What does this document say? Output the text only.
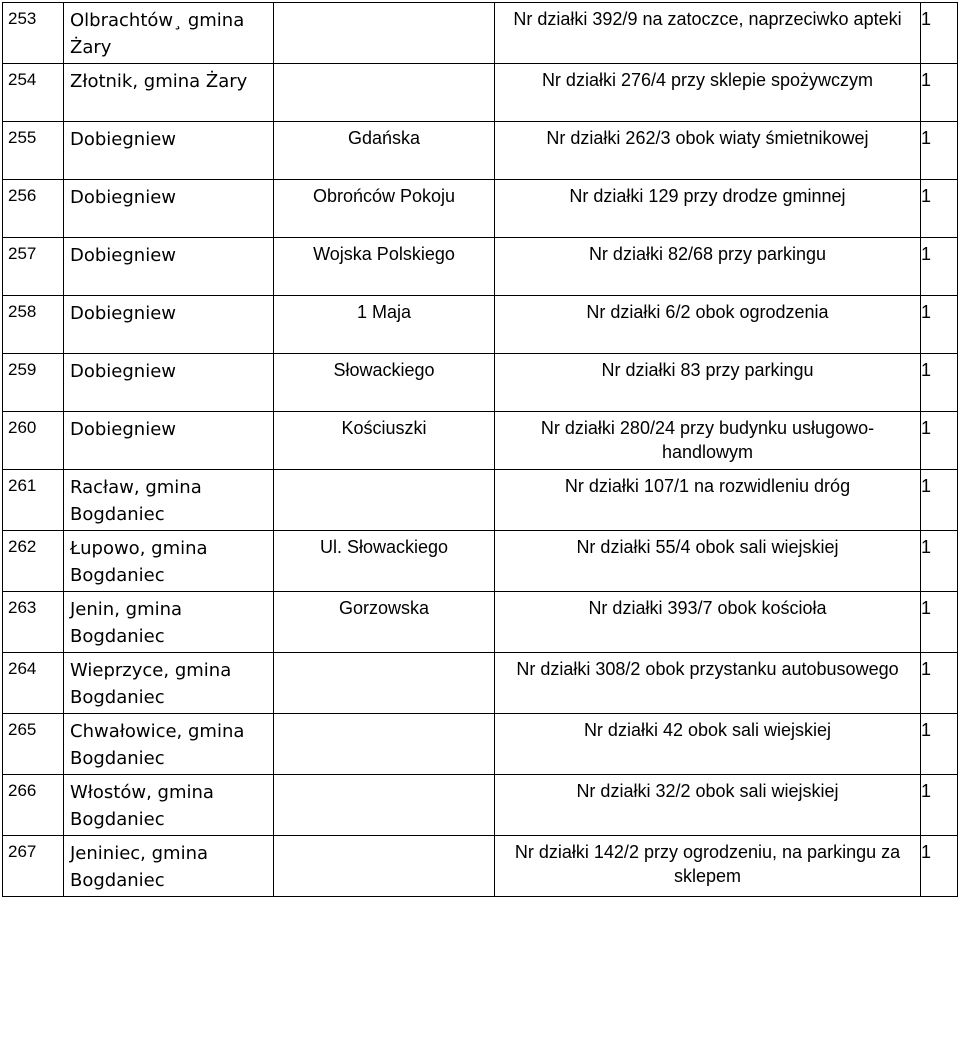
253	Olbrachtów¸ gmina Żary		Nr działki 392/9 na zatoczce, naprzeciwko apteki	1
254	Złotnik, gmina Żary		Nr działki 276/4 przy sklepie spożywczym	1
255	Dobiegniew	Gdańska	Nr działki 262/3 obok wiaty śmietnikowej	1
256	Dobiegniew	Obrońców Pokoju	Nr działki 129 przy drodze gminnej	1
257	Dobiegniew	Wojska Polskiego	Nr działki 82/68 przy parkingu	1
258	Dobiegniew	1 Maja	Nr działki 6/2 obok ogrodzenia	1
259	Dobiegniew	Słowackiego	Nr działki 83 przy parkingu	1
260	Dobiegniew	Kościuszki	Nr działki 280/24 przy budynku usługowo-handlowym	1
261	Racław, gmina Bogdaniec		Nr działki 107/1 na rozwidleniu dróg	1
262	Łupowo, gmina Bogdaniec	Ul. Słowackiego	Nr działki 55/4 obok sali wiejskiej	1
263	Jenin, gmina Bogdaniec	Gorzowska	Nr działki 393/7 obok kościoła	1
264	Wieprzyce, gmina Bogdaniec		Nr działki 308/2 obok przystanku autobusowego	1
265	Chwałowice, gmina Bogdaniec		Nr działki 42 obok sali wiejskiej	1
266	Włostów, gmina Bogdaniec		Nr działki 32/2 obok sali wiejskiej	1
267	Jeniniec, gmina Bogdaniec		Nr działki 142/2 przy ogrodzeniu, na parkingu za sklepem	1
